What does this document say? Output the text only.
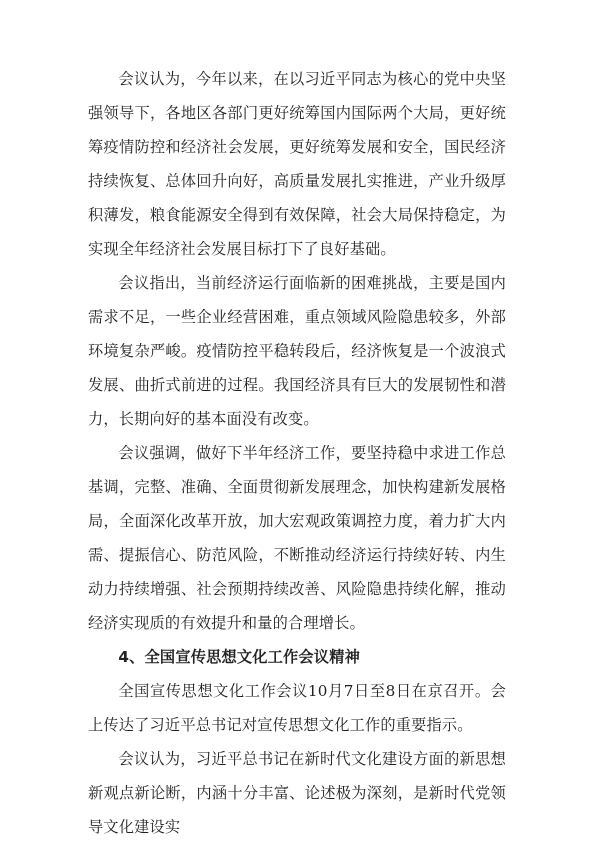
会议认为，今年以来，在以习近平同志为核心的党中央坚强领导下，各地区各部门更好统筹国内国际两个大局，更好统筹疫情防控和经济社会发展，更好统筹发展和安全，国民经济持续恢复、总体回升向好，高质量发展扎实推进，产业升级厚积薄发，粮食能源安全得到有效保障，社会大局保持稳定，为实现全年经济社会发展目标打下了良好基础。

会议指出，当前经济运行面临新的困难挑战，主要是国内需求不足，一些企业经营困难，重点领域风险隐患较多，外部环境复杂严峻。疫情防控平稳转段后，经济恢复是一个波浪式发展、曲折式前进的过程。我国经济具有巨大的发展韧性和潜力，长期向好的基本面没有改变。

会议强调，做好下半年经济工作，要坚持稳中求进工作总基调，完整、准确、全面贯彻新发展理念，加快构建新发展格局，全面深化改革开放，加大宏观政策调控力度，着力扩大内需、提振信心、防范风险，不断推动经济运行持续好转、内生动力持续增强、社会预期持续改善、风险隐患持续化解，推动经济实现质的有效提升和量的合理增长。

4、全国宣传思想文化工作会议精神

全国宣传思想文化工作会议10月7日至8日在京召开。会上传达了习近平总书记对宣传思想文化工作的重要指示。

会议认为，习近平总书记在新时代文化建设方面的新思想新观点新论断，内涵十分丰富、论述极为深刻，是新时代党领导文化建设实
